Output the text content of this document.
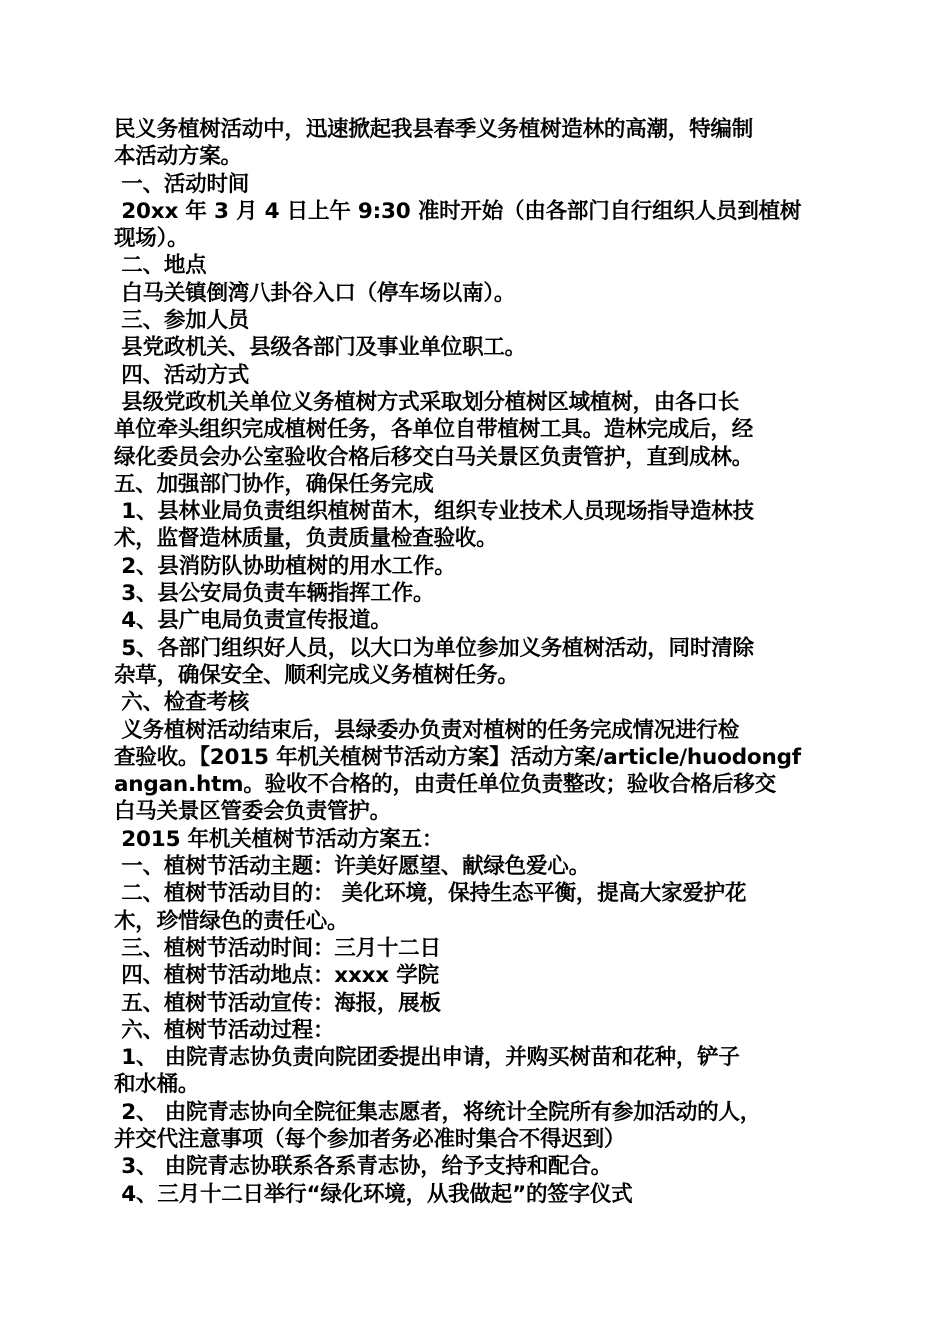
民义务植树活动中，迅速掀起我县春季义务植树造林的高潮，特编制
本活动方案。
一、活动时间
20xx 年 3 月 4 日上午 9:30 准时开始（由各部门自行组织人员到植树
现场）。
二、地点
白马关镇倒湾八卦谷入口（停车场以南）。
三、参加人员
县党政机关、县级各部门及事业单位职工。
四、活动方式
县级党政机关单位义务植树方式采取划分植树区域植树，由各口长
单位牵头组织完成植树任务，各单位自带植树工具。造林完成后，经
绿化委员会办公室验收合格后移交白马关景区负责管护，直到成林。
五、加强部门协作，确保任务完成
1、县林业局负责组织植树苗木，组织专业技术人员现场指导造林技
术，监督造林质量，负责质量检查验收。
2、县消防队协助植树的用水工作。
3、县公安局负责车辆指挥工作。
4、县广电局负责宣传报道。
5、各部门组织好人员，以大口为单位参加义务植树活动，同时清除
杂草，确保安全、顺利完成义务植树任务。
六、检查考核
义务植树活动结束后，县绿委办负责对植树的任务完成情况进行检
查验收。【2015 年机关植树节活动方案】活动方案/article/huodongf
angan.htm。验收不合格的，由责任单位负责整改；验收合格后移交
白马关景区管委会负责管护。
2015 年机关植树节活动方案五：
一、植树节活动主题：许美好愿望、献绿色爱心。
二、植树节活动目的： 美化环境，保持生态平衡，提高大家爱护花
木，珍惜绿色的责任心。
三、植树节活动时间：三月十二日
四、植树节活动地点：xxxx 学院
五、植树节活动宣传：海报，展板
六、植树节活动过程：
1、 由院青志协负责向院团委提出申请，并购买树苗和花种，铲子
和水桶。
2、 由院青志协向全院征集志愿者，将统计全院所有参加活动的人，
并交代注意事项（每个参加者务必准时集合不得迟到）
3、 由院青志协联系各系青志协，给予支持和配合。
4、三月十二日举行“绿化环境，从我做起”的签字仪式
